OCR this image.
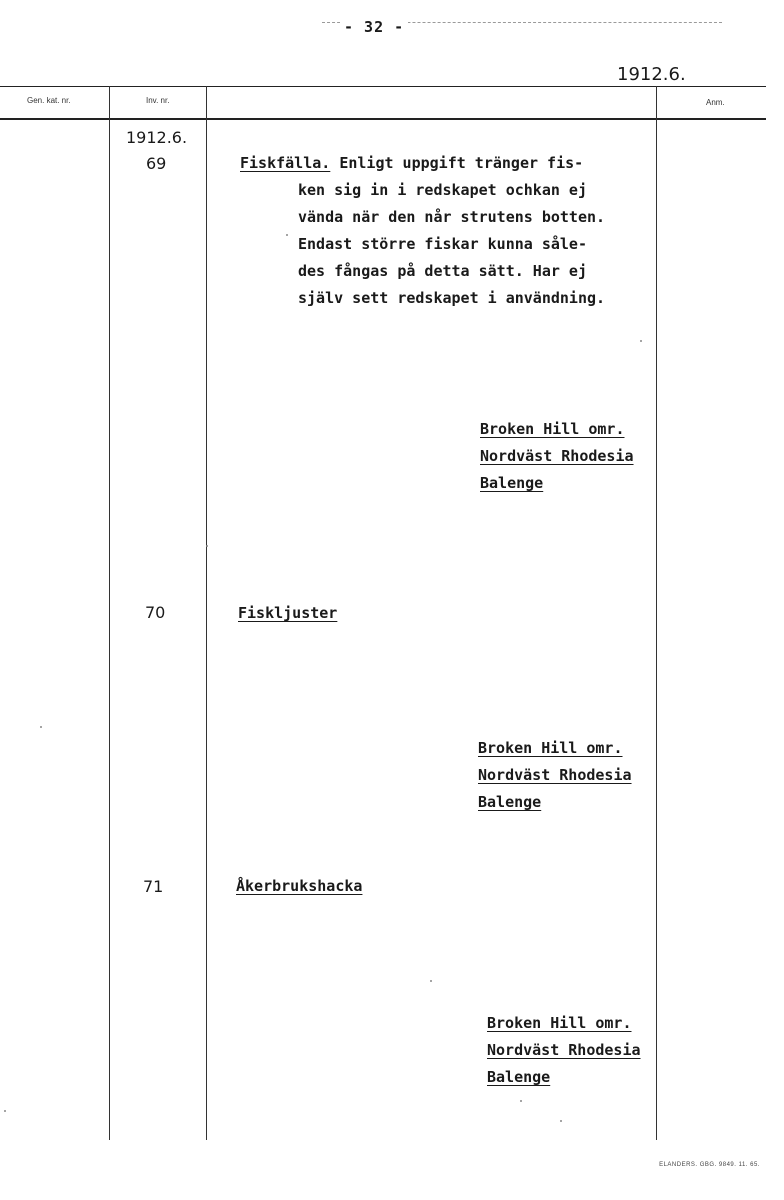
- 32 -
1912.6.
Gen. kat. nr.	Inv. nr.	Anm.
1912.6.
69	Fiskfälla. Enligt uppgift tränger fis-
ken sig in i redskapet ochkan ej
vända när den når strutens botten.
Endast större fiskar kunna såle-
des fångas på detta sätt. Har ej
själv sett redskapet i användning.
Broken Hill omr.
Nordväst Rhodesia
Balenge
70	Fiskljuster
Broken Hill omr.
Nordväst Rhodesia
Balenge
71	Åkerbrukshacka
Broken Hill omr.
Nordväst Rhodesia
Balenge
ELANDERS. GBG. 9849. 11. 65.
